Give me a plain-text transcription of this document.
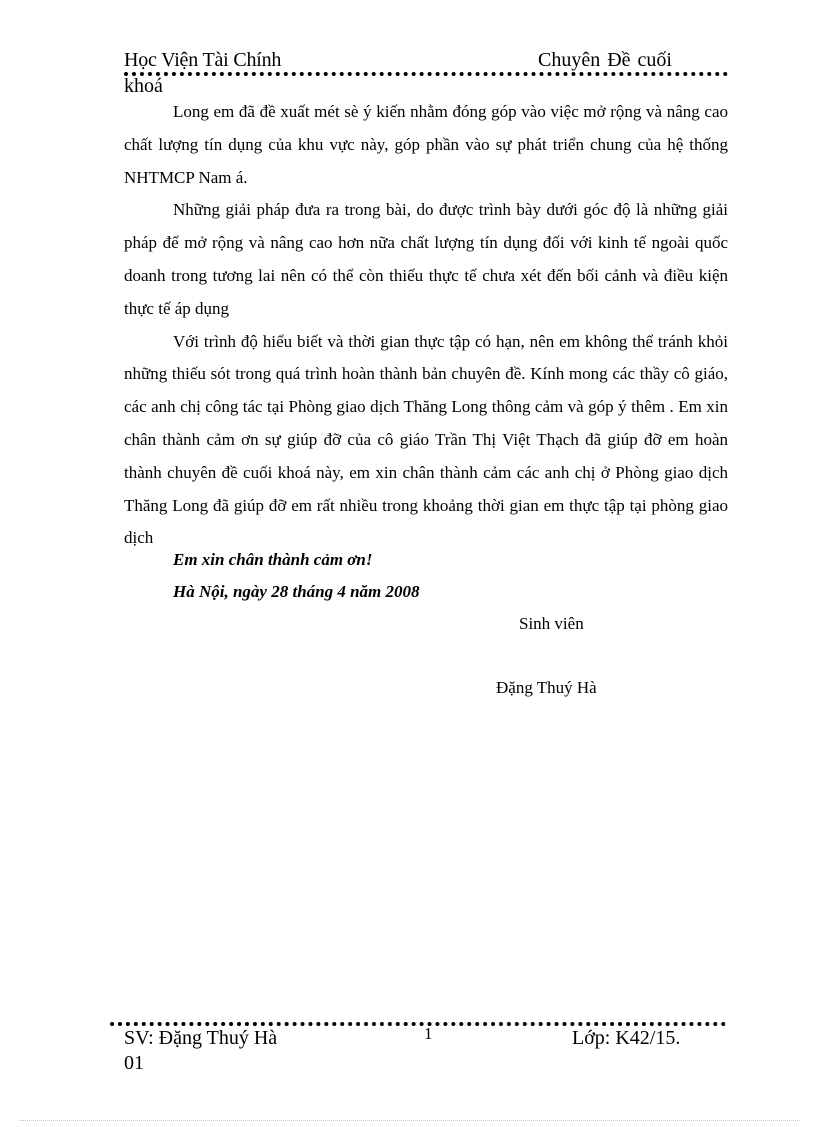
Học Viện Tài Chính	Chuyên Đề cuối
khoá

Long em đã đề xuất mét sè ý kiến nhằm đóng góp vào việc mở rộng và nâng cao chất lượng tín dụng của khu vực này, góp phần vào sự phát triển chung của hệ thống NHTMCP Nam á.

Những giải pháp đưa ra trong bài, do được trình bày dưới góc độ là những giải pháp để mở rộng và nâng cao hơn nữa chất lượng tín dụng đối với kinh tế ngoài quốc doanh trong tương lai nên có thể còn thiếu thực tế chưa xét đến bối cảnh và điều kiện thực tế áp dụng

Với trình độ hiểu biết và thời gian thực tập có hạn, nên em không thể tránh khỏi những thiếu sót trong quá trình hoàn thành bản chuyên đề. Kính mong các thầy cô giáo, các anh chị công tác tại Phòng giao dịch Thăng Long thông cảm và góp ý thêm . Em xin chân thành cảm ơn sự giúp đỡ của cô giáo Trần Thị Việt Thạch đã giúp đỡ em hoàn thành chuyên đề cuối khoá này, em xin chân thành cảm các anh chị ở Phòng giao dịch Thăng Long đã giúp đỡ em rất nhiều trong khoảng thời gian em thực tập tại phòng giao dịch

Em xin chân thành cảm ơn!
Hà Nội, ngày 28 tháng 4 năm 2008
Sinh viên
Đặng Thuý Hà
SV: Đặng Thuý Hà	1	Lớp: K42/15.
01
